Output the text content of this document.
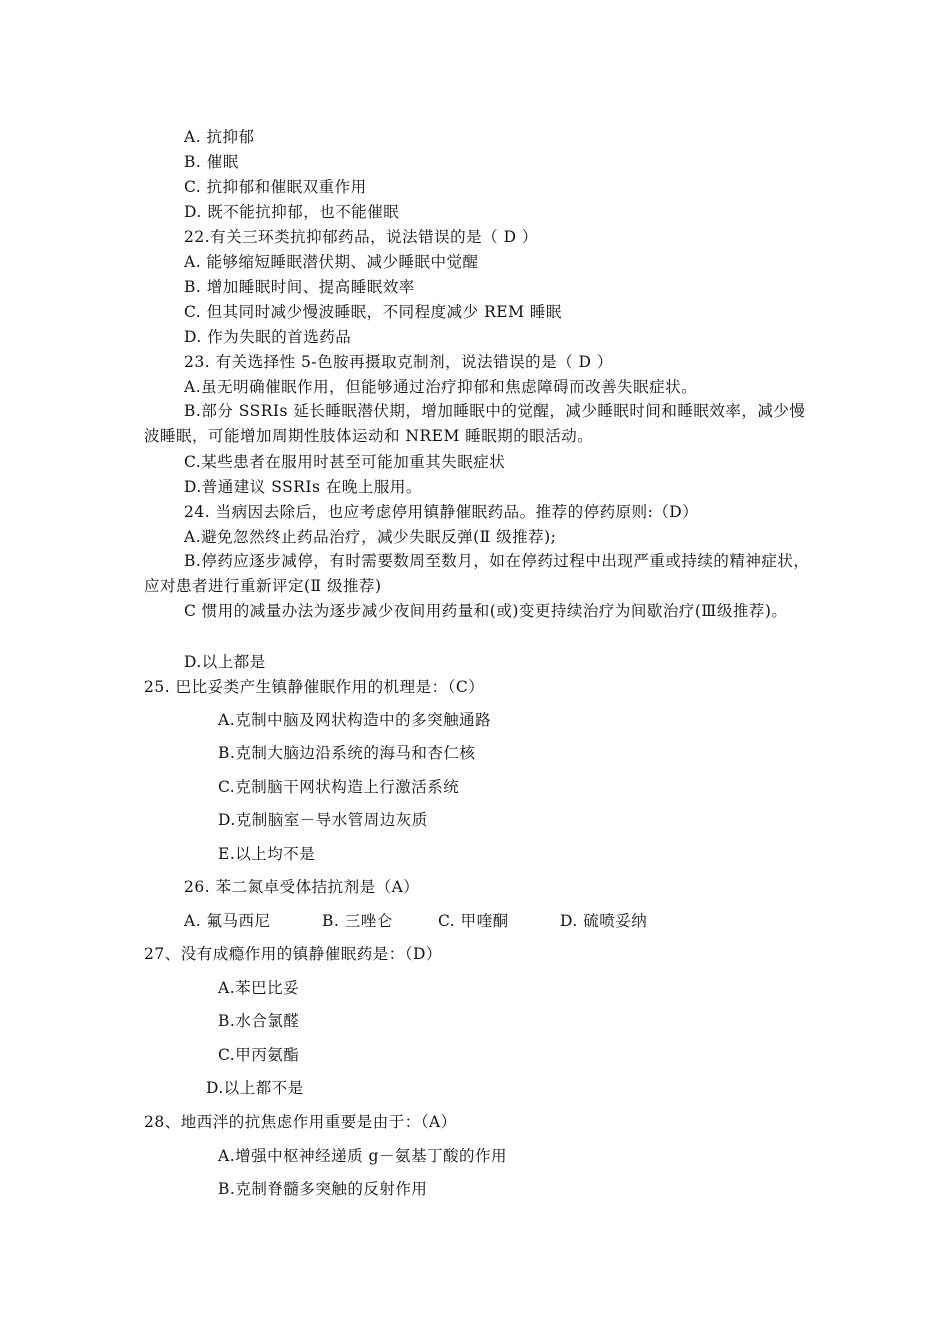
A. 抗抑郁
B. 催眠
C. 抗抑郁和催眠双重作用
D. 既不能抗抑郁，也不能催眠
22.有关三环类抗抑郁药品，说法错误的是（ D ）
A. 能够缩短睡眠潜伏期、减少睡眠中觉醒
B. 增加睡眠时间、提高睡眠效率
C. 但其同时减少慢波睡眠，不同程度减少 REM 睡眠
D. 作为失眠的首选药品
23. 有关选择性 5-色胺再摄取克制剂，说法错误的是（ D ）
A.虽无明确催眠作用，但能够通过治疗抑郁和焦虑障碍而改善失眠症状。
B.部分 SSRIs 延长睡眠潜伏期，增加睡眠中的觉醒，减少睡眠时间和睡眠效率，减少慢波睡眠，可能增加周期性肢体运动和 NREM 睡眠期的眼活动。
C.某些患者在服用时甚至可能加重其失眠症状
D.普通建议 SSRIs 在晚上服用。
24. 当病因去除后，也应考虑停用镇静催眠药品。推荐的停药原则:（D）
A.避免忽然终止药品治疗，减少失眠反弹(Ⅱ 级推荐);
B.停药应逐步减停，有时需要数周至数月，如在停药过程中出现严重或持续的精神症状，应对患者进行重新评定(Ⅱ 级推荐)
C 惯用的减量办法为逐步减少夜间用药量和(或)变更持续治疗为间歇治疗(Ⅲ级推荐)。
D.以上都是
25. 巴比妥类产生镇静催眠作用的机理是：（C）
A.克制中脑及网状构造中的多突触通路
B.克制大脑边沿系统的海马和杏仁核
C.克制脑干网状构造上行激活系统
D.克制脑室－导水管周边灰质
E.以上均不是
26. 苯二氮卓受体拮抗剂是（A）
A. 氟马西尼	B. 三唑仑	C. 甲喹酮	D. 硫喷妥纳
27、没有成瘾作用的镇静催眠药是：（D）
A.苯巴比妥
B.水合氯醛
C.甲丙氨酯
D.以上都不是
28、地西泮的抗焦虑作用重要是由于：（A）
A.增强中枢神经递质 g－氨基丁酸的作用
B.克制脊髓多突触的反射作用
